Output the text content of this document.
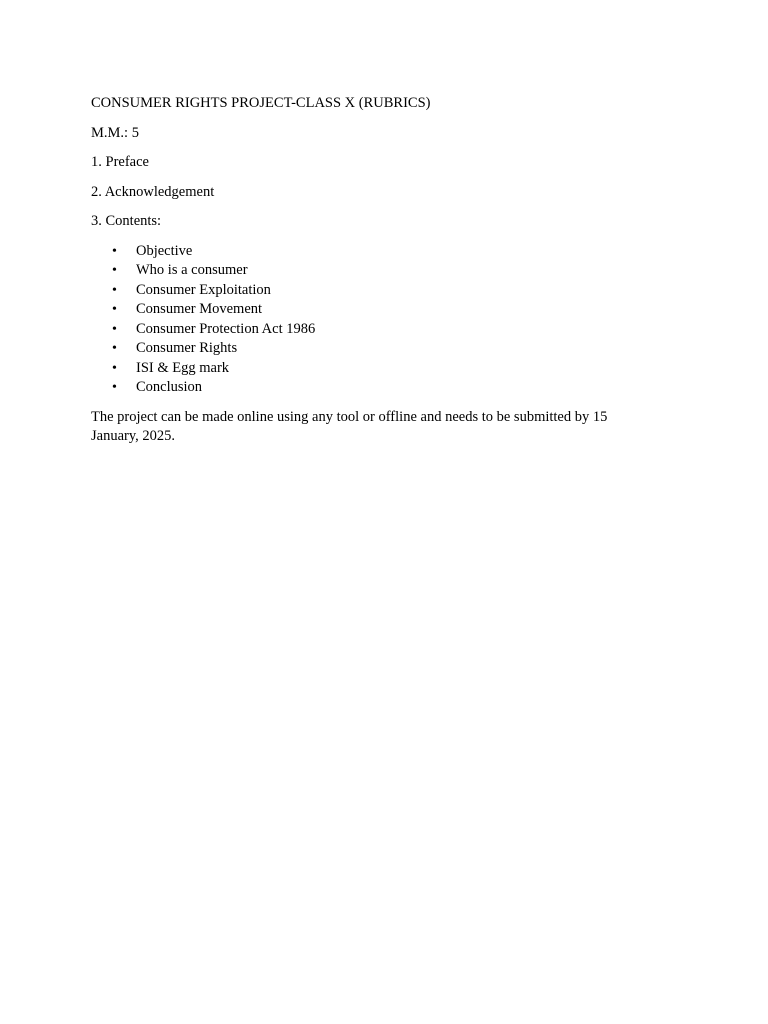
CONSUMER RIGHTS PROJECT-CLASS X (RUBRICS)

M.M.: 5

1. Preface

2. Acknowledgement

3. Contents:

• Objective
• Who is a consumer
• Consumer Exploitation
• Consumer Movement
• Consumer Protection Act 1986
• Consumer Rights
• ISI & Egg mark
• Conclusion

The project can be made online using any tool or offline and needs to be submitted by 15 January, 2025.
